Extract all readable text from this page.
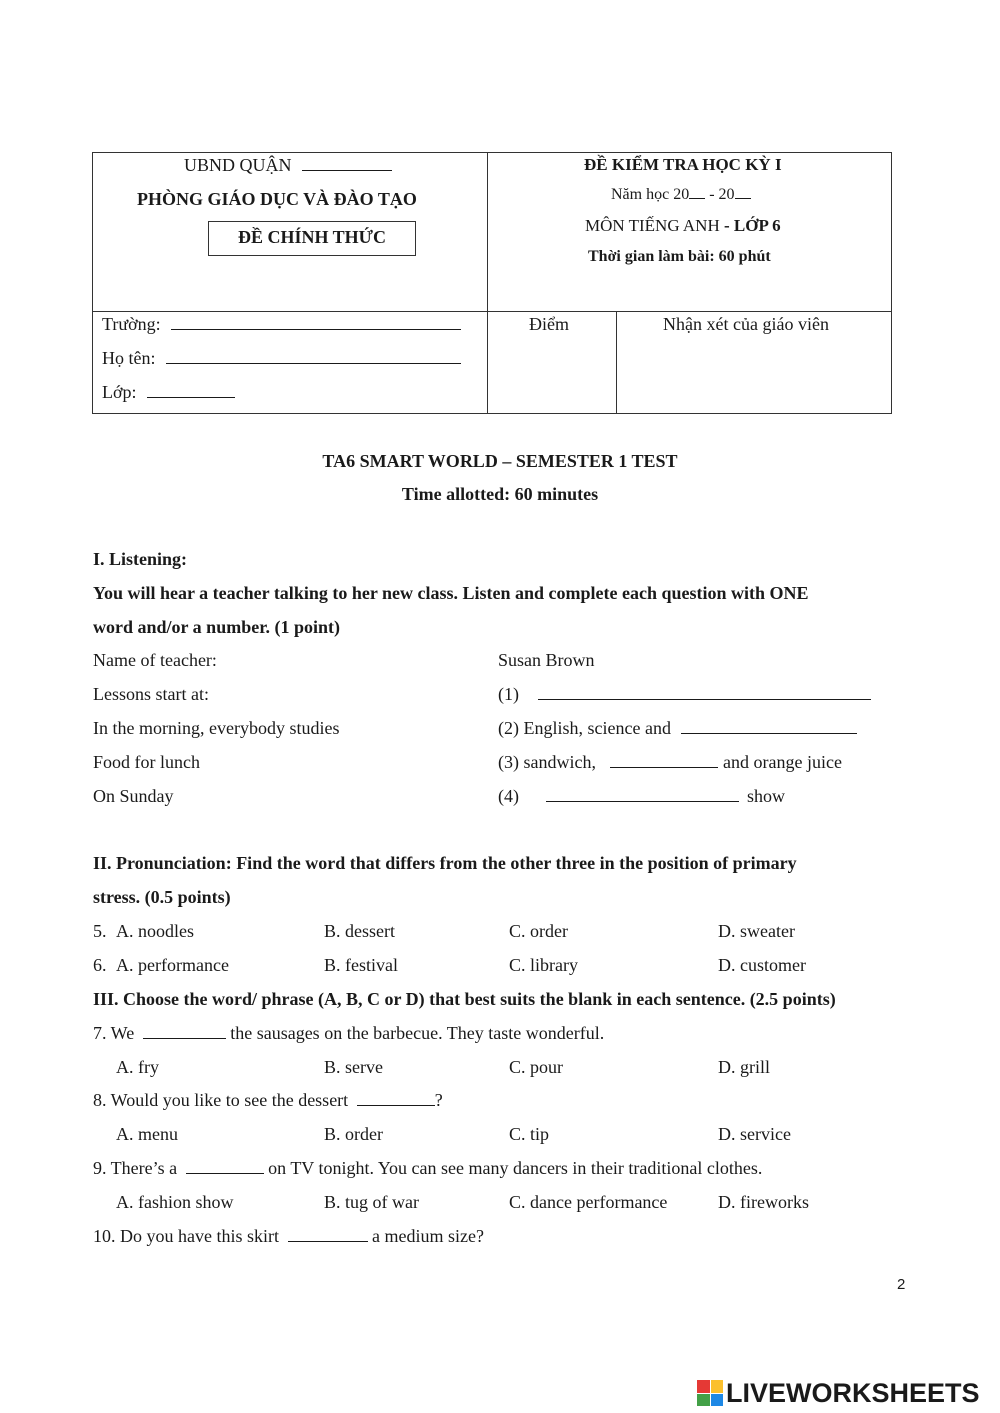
UBND QUẬN
PHÒNG GIÁO DỤC VÀ ĐÀO TẠO
ĐỀ CHÍNH THỨC
ĐỀ KIỂM TRA HỌC KỲ I
Năm học 20 - 20
MÔN TIẾNG ANH - LỚP 6
Thời gian làm bài: 60 phút
Trường:
Họ tên:
Lớp:
Điểm	Nhận xét của giáo viên
TA6 SMART WORLD – SEMESTER 1 TEST
Time allotted: 60 minutes
I. Listening:
You will hear a teacher talking to her new class. Listen and complete each question with ONE
word and/or a number. (1 point)
Name of teacher:	Susan Brown
Lessons start at:	(1)
In the morning, everybody studies	(2) English, science and
Food for lunch	(3) sandwich,	and orange juice
On Sunday	(4)	show
II. Pronunciation: Find the word that differs from the other three in the position of primary
stress. (0.5 points)
5. A. noodles	B. dessert	C. order	D. sweater
6. A. performance	B. festival	C. library	D. customer
III. Choose the word/ phrase (A, B, C or D) that best suits the blank in each sentence. (2.5 points)
7. We	the sausages on the barbecue. They taste wonderful.
A. fry	B. serve	C. pour	D. grill
8. Would you like to see the dessert	?
A. menu	B. order	C. tip	D. service
9. There’s a	on TV tonight. You can see many dancers in their traditional clothes.
A. fashion show	B. tug of war	C. dance performance	D. fireworks
10. Do you have this skirt	a medium size?
2
LIVEWORKSHEETS
